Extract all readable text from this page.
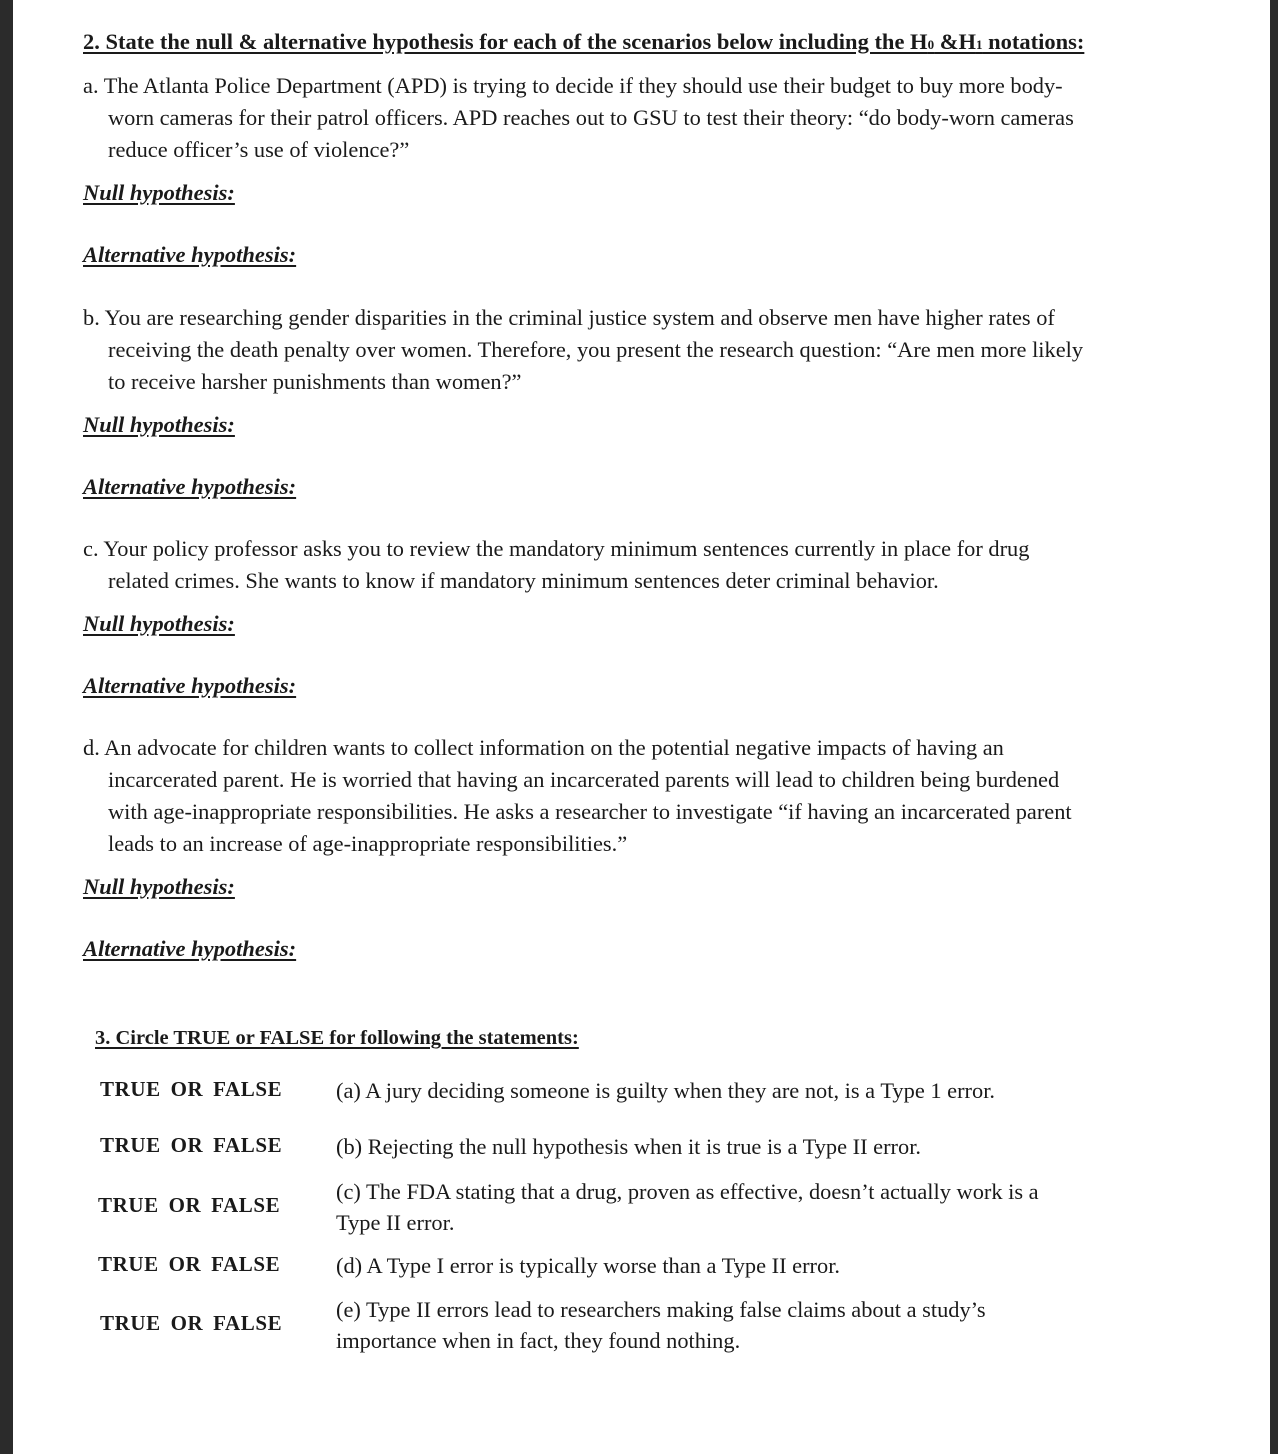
2. State the null & alternative hypothesis for each of the scenarios below including the H0 &H1 notations:
a. The Atlanta Police Department (APD) is trying to decide if they should use their budget to buy more body-
worn cameras for their patrol officers. APD reaches out to GSU to test their theory: “do body-worn cameras
reduce officer’s use of violence?”
Null hypothesis:
Alternative hypothesis:
b. You are researching gender disparities in the criminal justice system and observe men have higher rates of
receiving the death penalty over women. Therefore, you present the research question: “Are men more likely
to receive harsher punishments than women?”
Null hypothesis:
Alternative hypothesis:
c. Your policy professor asks you to review the mandatory minimum sentences currently in place for drug
related crimes. She wants to know if mandatory minimum sentences deter criminal behavior.
Null hypothesis:
Alternative hypothesis:
d. An advocate for children wants to collect information on the potential negative impacts of having an
incarcerated parent. He is worried that having an incarcerated parents will lead to children being burdened
with age-inappropriate responsibilities. He asks a researcher to investigate “if having an incarcerated parent
leads to an increase of age-inappropriate responsibilities.”
Null hypothesis:
Alternative hypothesis:
3. Circle TRUE or FALSE for following the statements:
TRUE OR FALSE (a) A jury deciding someone is guilty when they are not, is a Type 1 error.
TRUE OR FALSE (b) Rejecting the null hypothesis when it is true is a Type II error.
TRUE OR FALSE
(c) The FDA stating that a drug, proven as effective, doesn’t actually work is a
Type II error.
TRUE OR FALSE (d) A Type I error is typically worse than a Type II error.
TRUE OR FALSE
(e) Type II errors lead to researchers making false claims about a study’s
importance when in fact, they found nothing.
